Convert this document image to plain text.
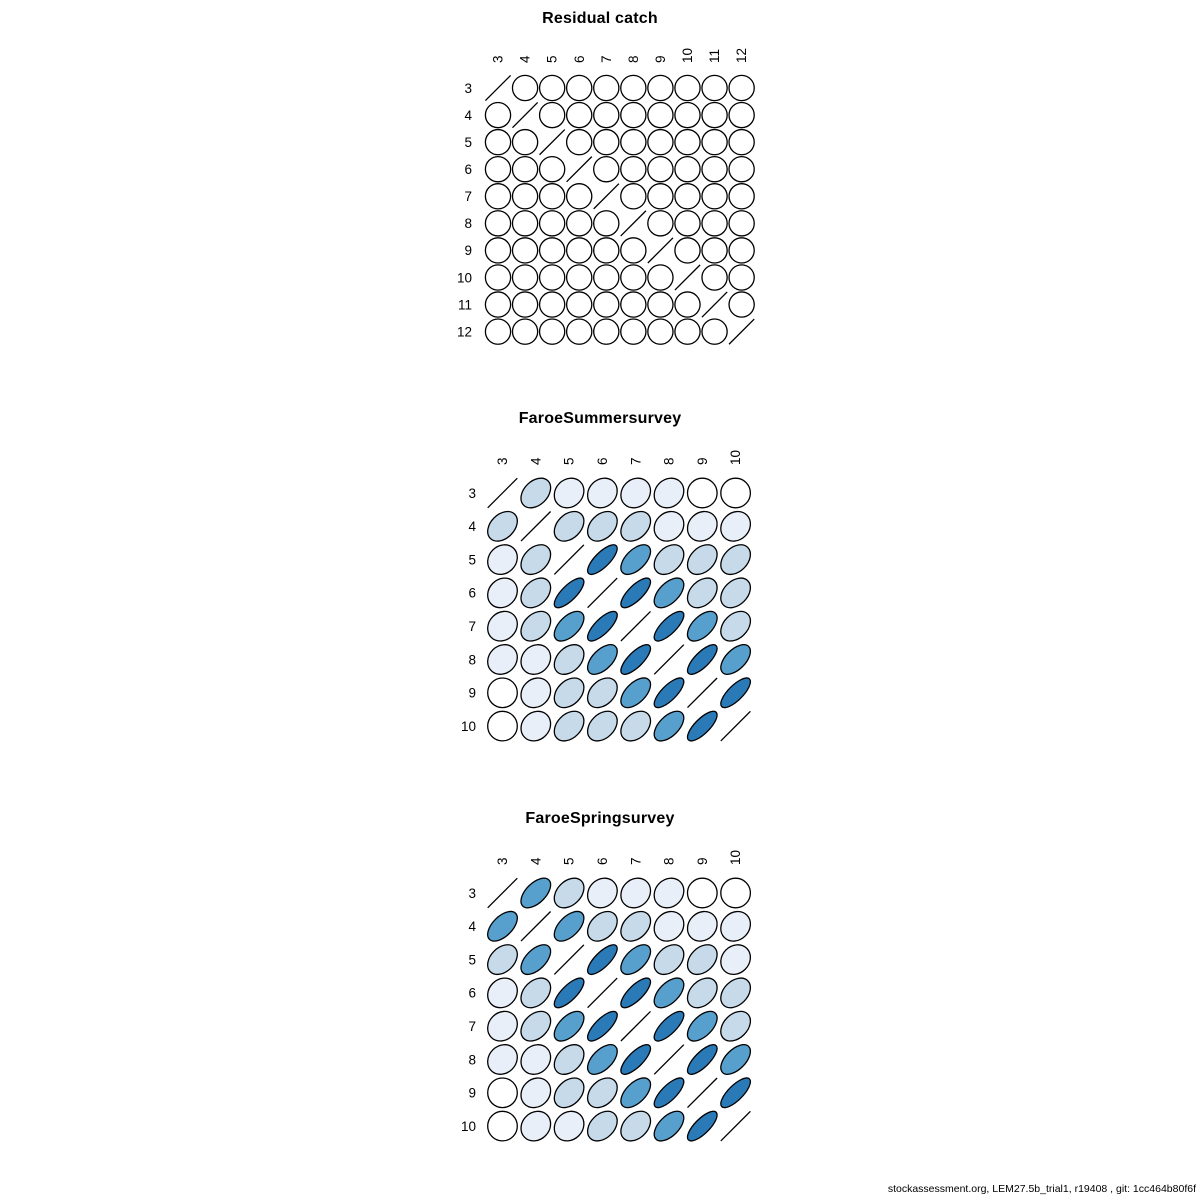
Residual catch
FaroeSummersurvey
FaroeSpringsurvey
3 4 5 6 7 8 9 10 11 12
3
4
5
6
7
8
9
10
11
12
3 4 5 6 7 8 9 10
3
4
5
6
7
8
9
10
3 4 5 6 7 8 9 10
3
4
5
6
7
8
9
10
stockassessment.org, LEM27.5b_trial1, r19408 , git: 1cc464b80f6f
